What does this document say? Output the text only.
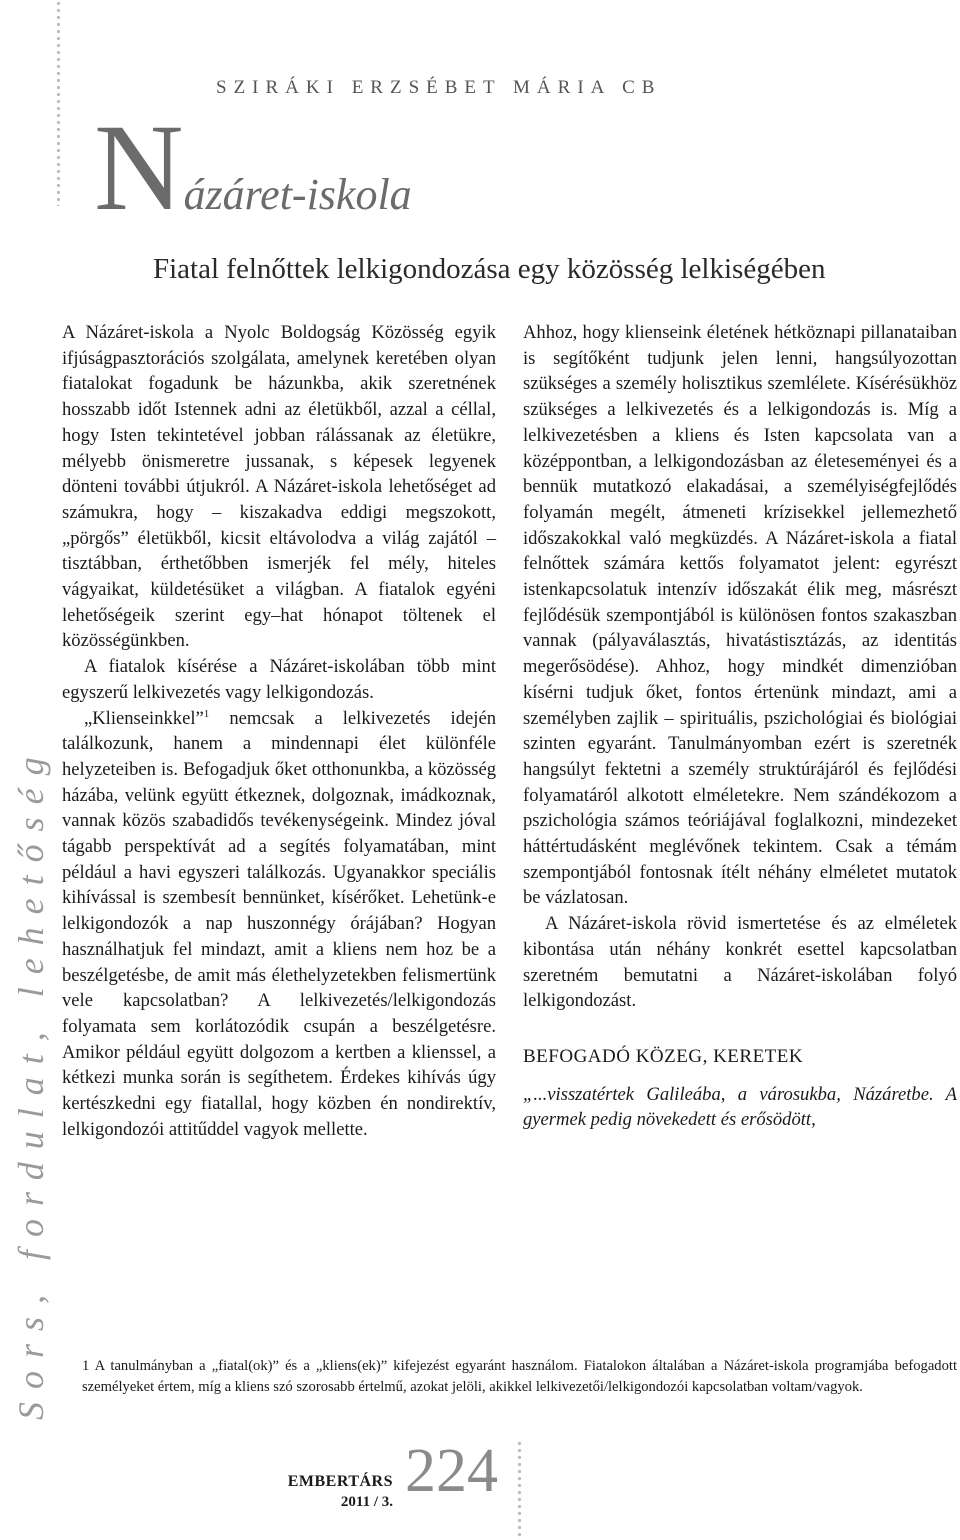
Sors, fordulat, lehetőség
SZIRÁKI ERZSÉBET MÁRIA CB
Názáret-iskola
Fiatal felnőttek lelkigondozása egy közösség lelkiségében

A Názáret-iskola a Nyolc Boldogság Közösség egyik ifjúságpasztorációs szolgálata, amelynek keretében olyan fiatalokat fogadunk be házunkba, akik szeretnének hosszabb időt Istennek adni az életükből, azzal a céllal, hogy Isten tekintetével jobban rálássanak az életükre, mélyebb önismeretre jussanak, s képesek legyenek dönteni további útjukról. A Názáret-iskola lehetőséget ad számukra, hogy – kiszakadva eddigi megszokott, „pörgős” életükből, kicsit eltávolodva a világ zajától – tisztábban, érthetőbben ismerjék fel mély, hiteles vágyaikat, küldetésüket a világban. A fiatalok egyéni lehetőségeik szerint egy–hat hónapot töltenek el közösségünkben.

A fiatalok kísérése a Názáret-iskolában több mint egyszerű lelkivezetés vagy lelkigondozás.

„Klienseinkkel”$^1$ nemcsak a lelkivezetés idején találkozunk, hanem a mindennapi élet különféle helyzeteiben is. Befogadjuk őket otthonunkba, a közösség házába, velünk együtt étkeznek, dolgoznak, imádkoznak, vannak közös szabadidős tevékenységeink. Mindez jóval tágabb perspektívát ad a segítés folyamatában, mint például a havi egyszeri találkozás. Ugyanakkor speciális kihívással is szembesít bennünket, kísérőket. Lehetünk-e lelkigondozók a nap huszonnégy órájában? Hogyan használhatjuk fel mindazt, amit a kliens nem hoz be a beszélgetésbe, de amit más élethelyzetekben felismertünk vele kapcsolatban? A lelkivezetés/lelkigondozás folyamata sem korlátozódik csupán a beszélgetésre. Amikor például együtt dolgozom a kertben a klienssel, a kétkezi munka során is segíthetem. Érdekes kihívás úgy kertészkedni egy fiatallal, hogy közben én nondirektív, lelkigondozói attitűddel vagyok mellette.

Ahhoz, hogy klienseink életének hétköznapi pillanataiban is segítőként tudjunk jelen lenni, hangsúlyozottan szükséges a személy holisztikus szemlélete. Kísérésükhöz szükséges a lelkivezetés és a lelkigondozás is. Míg a lelkivezetésben a kliens és Isten kapcsolata van a középpontban, a lelkigondozásban az életeseményei és a bennük mutatkozó elakadásai, a személyiségfejlődés folyamán megélt, átmeneti krízisekkel jellemezhető időszakokkal való megküzdés. A Názáret-iskola a fiatal felnőttek számára kettős folyamatot jelent: egyrészt istenkapcsolatuk intenzív időszakát élik meg, másrészt fejlődésük szempontjából is különösen fontos szakaszban vannak (pályaválasztás, hivatástisztázás, az identitás megerősödése). Ahhoz, hogy mindkét dimenzióban kísérni tudjuk őket, fontos értenünk mindazt, ami a személyben zajlik – spirituális, pszichológiai és biológiai szinten egyaránt. Tanulmányomban ezért is szeretnék hangsúlyt fektetni a személy struktúrájáról és fejlődési folyamatáról alkotott elméletekre. Nem szándékozom a pszichológia számos teóriájával foglalkozni, mindezeket háttértudásként meglévőnek tekintem. Csak a témám szempontjából fontosnak ítélt néhány elméletet mutatok be vázlatosan.

A Názáret-iskola rövid ismertetése és az elméletek kibontása után néhány konkrét esettel kapcsolatban szeretném bemutatni a Názáret-iskolában folyó lelkigondozást.

BEFOGADÓ KÖZEG, KERETEK

„...visszatértek Galileába, a városukba, Názáretbe. A gyermek pedig növekedett és erősödött,

1 A tanulmányban a „fiatal(ok)” és a „kliens(ek)” kifejezést egyaránt használom. Fiatalokon általában a Názáret-iskola programjába befogadott személyeket értem, míg a kliens szó szorosabb értelmű, azokat jelöli, akikkel lelkivezetői/lelkigondozói kapcsolatban voltam/vagyok.
EMBERTÁRS
2011 / 3. 224
